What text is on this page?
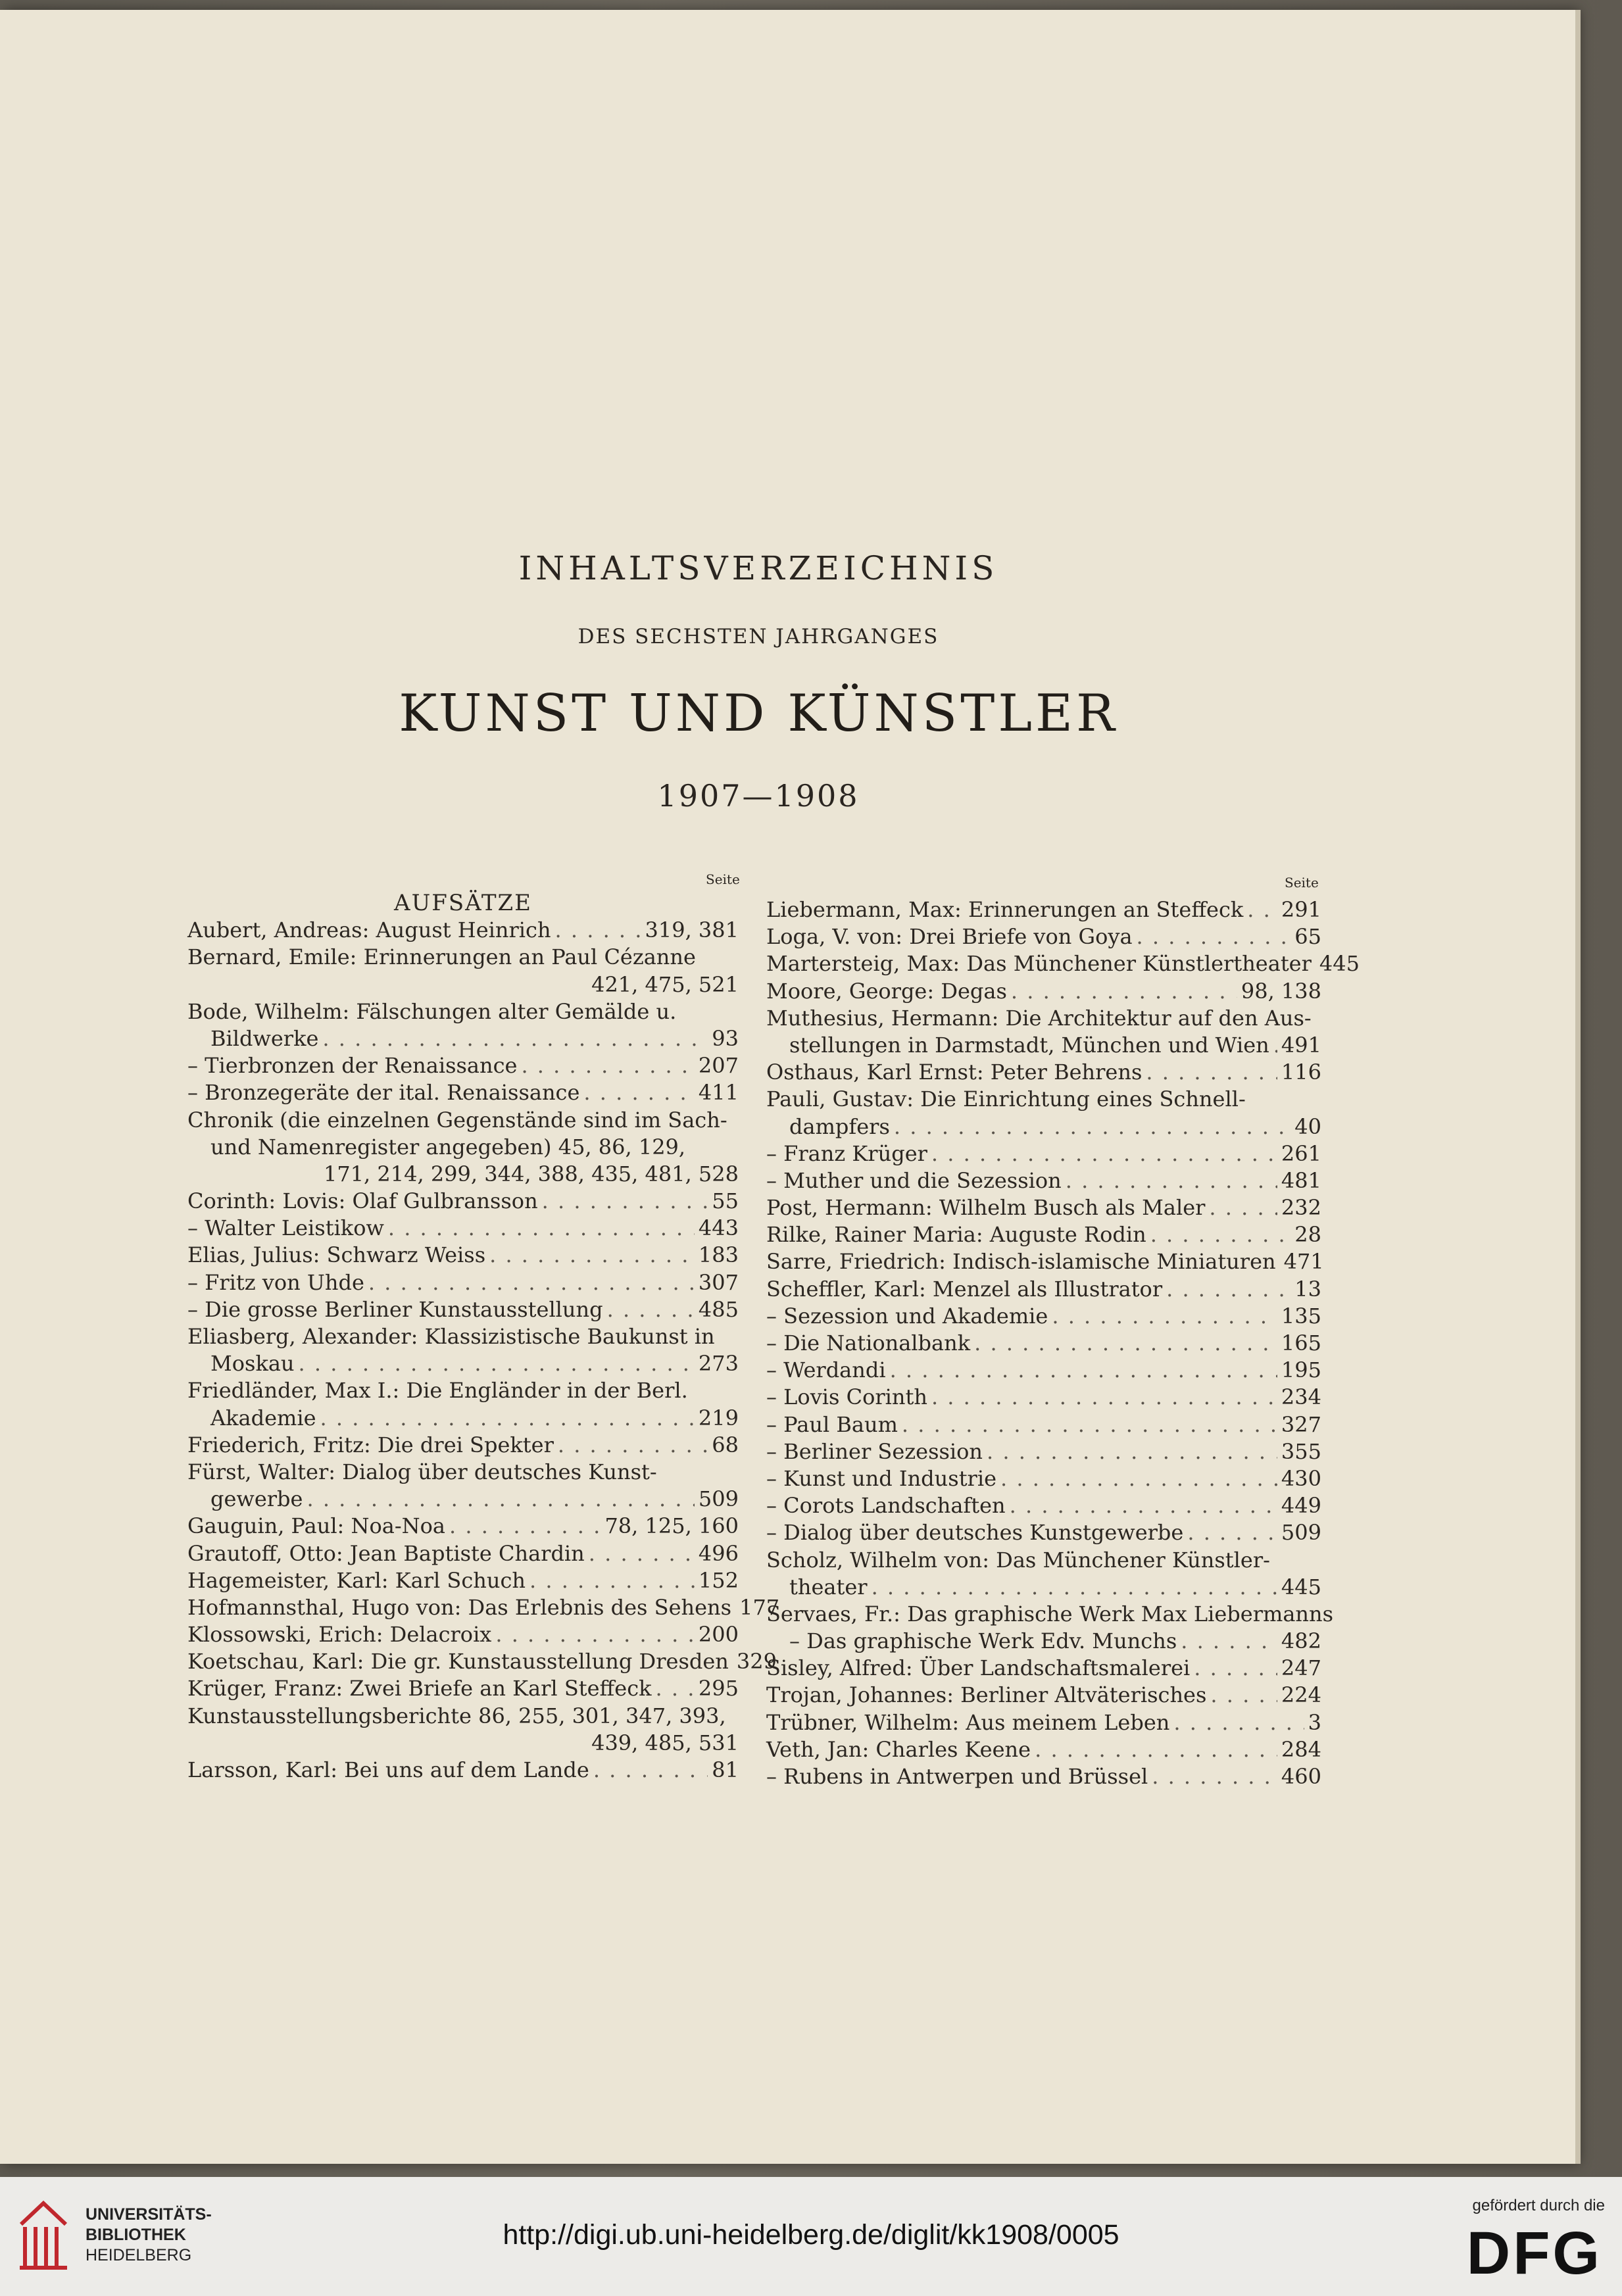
INHALTSVERZEICHNIS
DES SECHSTEN JAHRGANGES
KUNST UND KÜNSTLER
1907—1908
Seite	Seite
AUFSÄTZE
Aubert, Andreas: August Heinrich . . .	319, 381
Bernard, Emile: Erinnerungen an Paul Cézanne
421, 475, 521
Bode, Wilhelm: Fälschungen alter Gemälde u.
Bildwerke . . .	93
– Tierbronzen der Renaissance . . .	207
– Bronzegeräte der ital. Renaissance . . .	411
Chronik (die einzelnen Gegenstände sind im Sach-
und Namenregister angegeben) 45, 86, 129,
171, 214, 299, 344, 388, 435, 481, 528
Corinth: Lovis: Olaf Gulbransson . . .	55
– Walter Leistikow . . .	443
Elias, Julius: Schwarz Weiss . . .	183
– Fritz von Uhde . . .	307
– Die grosse Berliner Kunstausstellung . . .	485
Eliasberg, Alexander: Klassizistische Baukunst in
Moskau . . .	273
Friedländer, Max I.: Die Engländer in der Berl.
Akademie . . .	219
Friederich, Fritz: Die drei Spekter . . .	68
Fürst, Walter: Dialog über deutsches Kunst-
gewerbe . . .	509
Gauguin, Paul: Noa-Noa . . .	78, 125, 160
Grautoff, Otto: Jean Baptiste Chardin . . .	496
Hagemeister, Karl: Karl Schuch . . .	152
Hofmannsthal, Hugo von: Das Erlebnis des Sehens 177
Klossowski, Erich: Delacroix . . .	200
Koetschau, Karl: Die gr. Kunstausstellung Dresden 329
Krüger, Franz: Zwei Briefe an Karl Steffeck . . . 295
Kunstausstellungsberichte 86, 255, 301, 347, 393,
439, 485, 531
Larsson, Karl: Bei uns auf dem Lande . . .	81
Liebermann, Max: Erinnerungen an Steffeck . . . 291
Loga, V. von: Drei Briefe von Goya . . .	65
Martersteig, Max: Das Münchener Künstlertheater 445
Moore, George: Degas . . .	98, 138
Muthesius, Hermann: Die Architektur auf den Aus-
stellungen in Darmstadt, München und Wien . . . 491
Osthaus, Karl Ernst: Peter Behrens . . .	116
Pauli, Gustav: Die Einrichtung eines Schnell-
dampfers . . .	40
– Franz Krüger . . .	261
– Muther und die Sezession . . .	481
Post, Hermann: Wilhelm Busch als Maler . . .	232
Rilke, Rainer Maria: Auguste Rodin . . .	28
Sarre, Friedrich: Indisch-islamische Miniaturen 471
Scheffler, Karl: Menzel als Illustrator . . .	13
– Sezession und Akademie . . .	135
– Die Nationalbank . . .	165
– Werdandi . . .	195
– Lovis Corinth . . .	234
– Paul Baum . . .	327
– Berliner Sezession . . .	355
– Kunst und Industrie . . .	430
– Corots Landschaften . . .	449
– Dialog über deutsches Kunstgewerbe . . .	509
Scholz, Wilhelm von: Das Münchener Künstler-
theater . . .	445
Servaes, Fr.: Das graphische Werk Max Liebermanns
– Das graphische Werk Edv. Munchs . . .	482
Sisley, Alfred: Über Landschaftsmalerei . . .	247
Trojan, Johannes: Berliner Altväterisches . . .	224
Trübner, Wilhelm: Aus meinem Leben . . .	3
Veth, Jan: Charles Keene . . .	284
– Rubens in Antwerpen und Brüssel . . .	460
UNIVERSITÄTS-
BIBLIOTHEK
HEIDELBERG
http://digi.ub.uni-heidelberg.de/diglit/kk1908/0005
gefördert durch die
DFG
